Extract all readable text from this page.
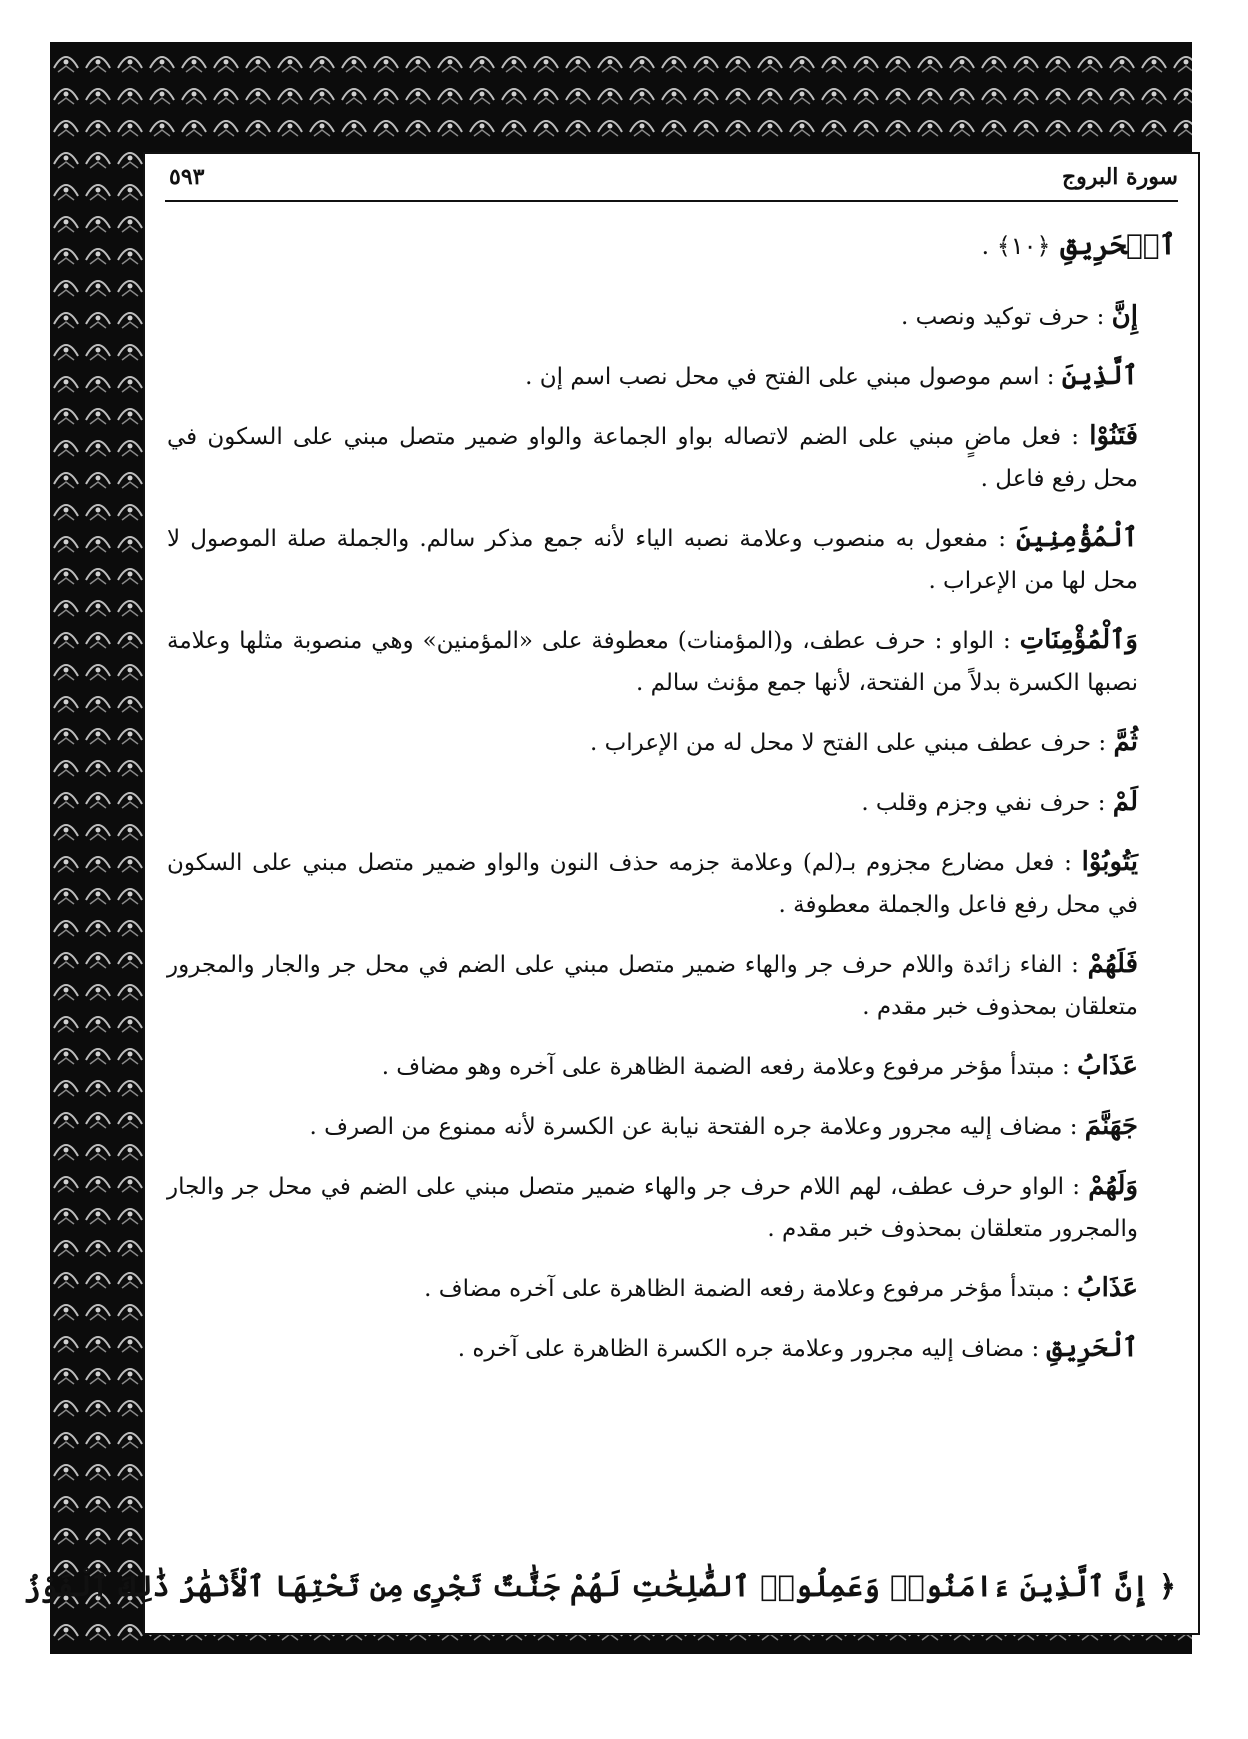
سورة البروج
٥٩٣
ٱلۡحَرِيقِ ﴿١٠﴾ .
إِنَّ : حرف توكيد ونصب .
ٱلَّذِينَ : اسم موصول مبني على الفتح في محل نصب اسم إن .
فَتَنُوْا : فعل ماضٍ مبني على الضم لاتصاله بواو الجماعة والواو ضمير متصل مبني على السكون في محل رفع فاعل .
ٱلْمُؤْمِنِينَ : مفعول به منصوب وعلامة نصبه الياء لأنه جمع مذكر سالم. والجملة صلة الموصول لا محل لها من الإعراب .
وَٱلْمُؤْمِنَاتِ : الواو : حرف عطف، و(المؤمنات) معطوفة على «المؤمنين» وهي منصوبة مثلها وعلامة نصبها الكسرة بدلاً من الفتحة، لأنها جمع مؤنث سالم .
ثُمَّ : حرف عطف مبني على الفتح لا محل له من الإعراب .
لَمْ : حرف نفي وجزم وقلب .
يَتُوبُوْا : فعل مضارع مجزوم بـ(لم) وعلامة جزمه حذف النون والواو ضمير متصل مبني على السكون في محل رفع فاعل والجملة معطوفة .
فَلَهُمْ : الفاء زائدة واللام حرف جر والهاء ضمير متصل مبني على الضم في محل جر والجار والمجرور متعلقان بمحذوف خبر مقدم .
عَذَابُ : مبتدأ مؤخر مرفوع وعلامة رفعه الضمة الظاهرة على آخره وهو مضاف .
جَهَنَّمَ : مضاف إليه مجرور وعلامة جره الفتحة نيابة عن الكسرة لأنه ممنوع من الصرف .
وَلَهُمْ : الواو حرف عطف، لهم اللام حرف جر والهاء ضمير متصل مبني على الضم في محل جر والجار والمجرور متعلقان بمحذوف خبر مقدم .
عَذَابُ : مبتدأ مؤخر مرفوع وعلامة رفعه الضمة الظاهرة على آخره مضاف .
ٱلْحَرِيقِ : مضاف إليه مجرور وعلامة جره الكسرة الظاهرة على آخره .
﴿ إِنَّ ٱلَّذِينَ ءَامَنُوا۟ وَعَمِلُوا۟ ٱلصَّٰلِحَٰتِ لَهُمْ جَنَّٰتٌ تَجْرِى مِن تَحْتِهَا ٱلْأَنْهَٰرُ ذَٰلِكَ ٱلْفَوْزُ
